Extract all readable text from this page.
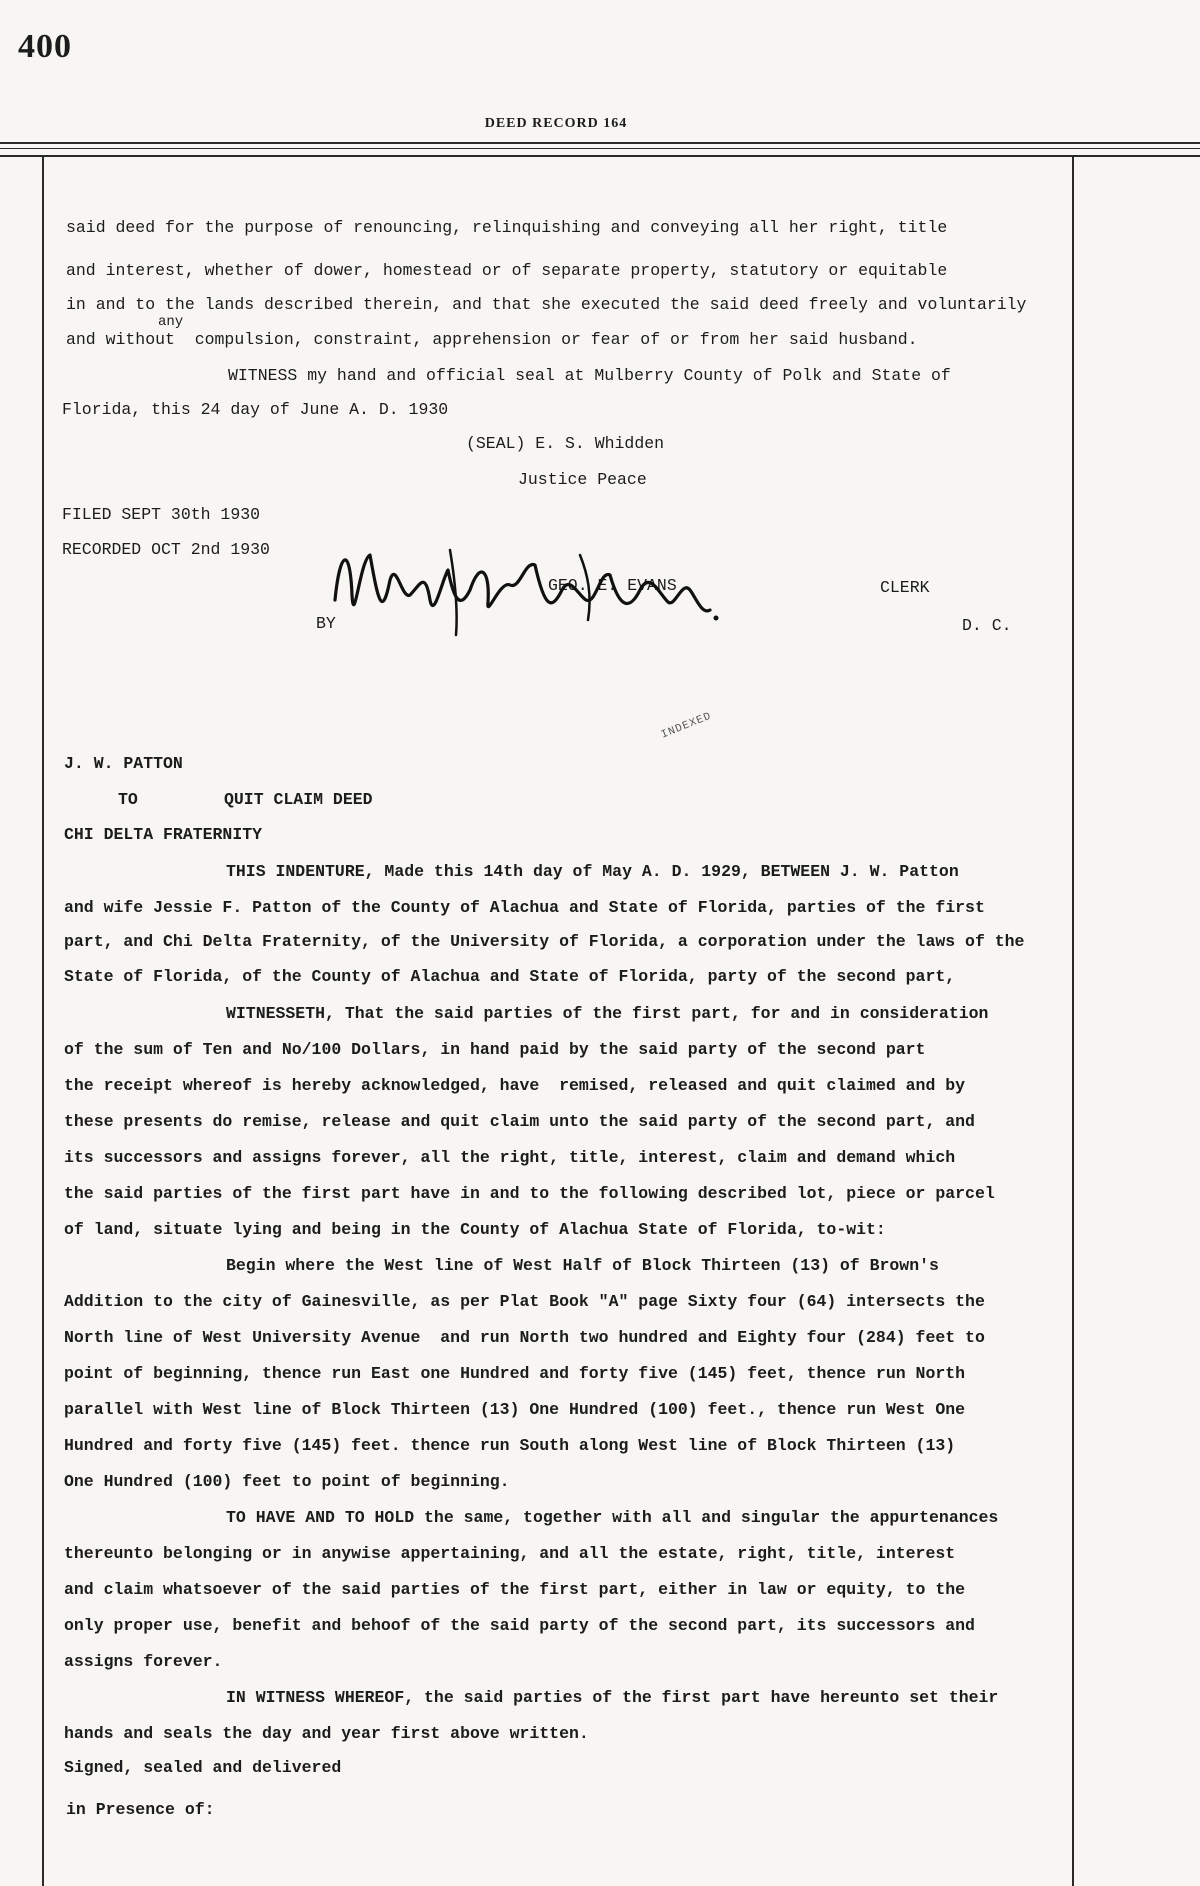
400
DEED RECORD 164
said deed for the purpose of renouncing, relinquishing and conveying all her right, title
and interest, whether of dower, homestead or of separate property, statutory or equitable
in and to the lands described therein, and that she executed the said deed freely and voluntarily
any
and without  compulsion, constraint, apprehension or fear of or from her said husband.
WITNESS my hand and official seal at Mulberry County of Polk and State of
Florida, this 24 day of June A. D. 1930
(SEAL) E. S. Whidden
Justice Peace
FILED SEPT 30th 1930
RECORDED OCT 2nd 1930
GEO. E. EVANS	CLERK
BY	D. C.
INDEXED
J. W. PATTON
TO	QUIT CLAIM DEED
CHI DELTA FRATERNITY
THIS INDENTURE, Made this 14th day of May A. D. 1929, BETWEEN J. W. Patton
and wife Jessie F. Patton of the County of Alachua and State of Florida, parties of the first
part, and Chi Delta Fraternity, of the University of Florida, a corporation under the laws of the
State of Florida, of the County of Alachua and State of Florida, party of the second part,
WITNESSETH, That the said parties of the first part, for and in consideration
of the sum of Ten and No/100 Dollars, in hand paid by the said party of the second part
the receipt whereof is hereby acknowledged, have  remised, released and quit claimed and by
these presents do remise, release and quit claim unto the said party of the second part, and
its successors and assigns forever, all the right, title, interest, claim and demand which
the said parties of the first part have in and to the following described lot, piece or parcel
of land, situate lying and being in the County of Alachua State of Florida, to-wit:
Begin where the West line of West Half of Block Thirteen (13) of Brown's
Addition to the city of Gainesville, as per Plat Book "A" page Sixty four (64) intersects the
North line of West University Avenue  and run North two hundred and Eighty four (284) feet to
point of beginning, thence run East one Hundred and forty five (145) feet, thence run North
parallel with West line of Block Thirteen (13) One Hundred (100) feet., thence run West One
Hundred and forty five (145) feet. thence run South along West line of Block Thirteen (13)
One Hundred (100) feet to point of beginning.
TO HAVE AND TO HOLD the same, together with all and singular the appurtenances
thereunto belonging or in anywise appertaining, and all the estate, right, title, interest
and claim whatsoever of the said parties of the first part, either in law or equity, to the
only proper use, benefit and behoof of the said party of the second part, its successors and
assigns forever.
IN WITNESS WHEREOF, the said parties of the first part have hereunto set their
hands and seals the day and year first above written.
Signed, sealed and delivered
in Presence of:
